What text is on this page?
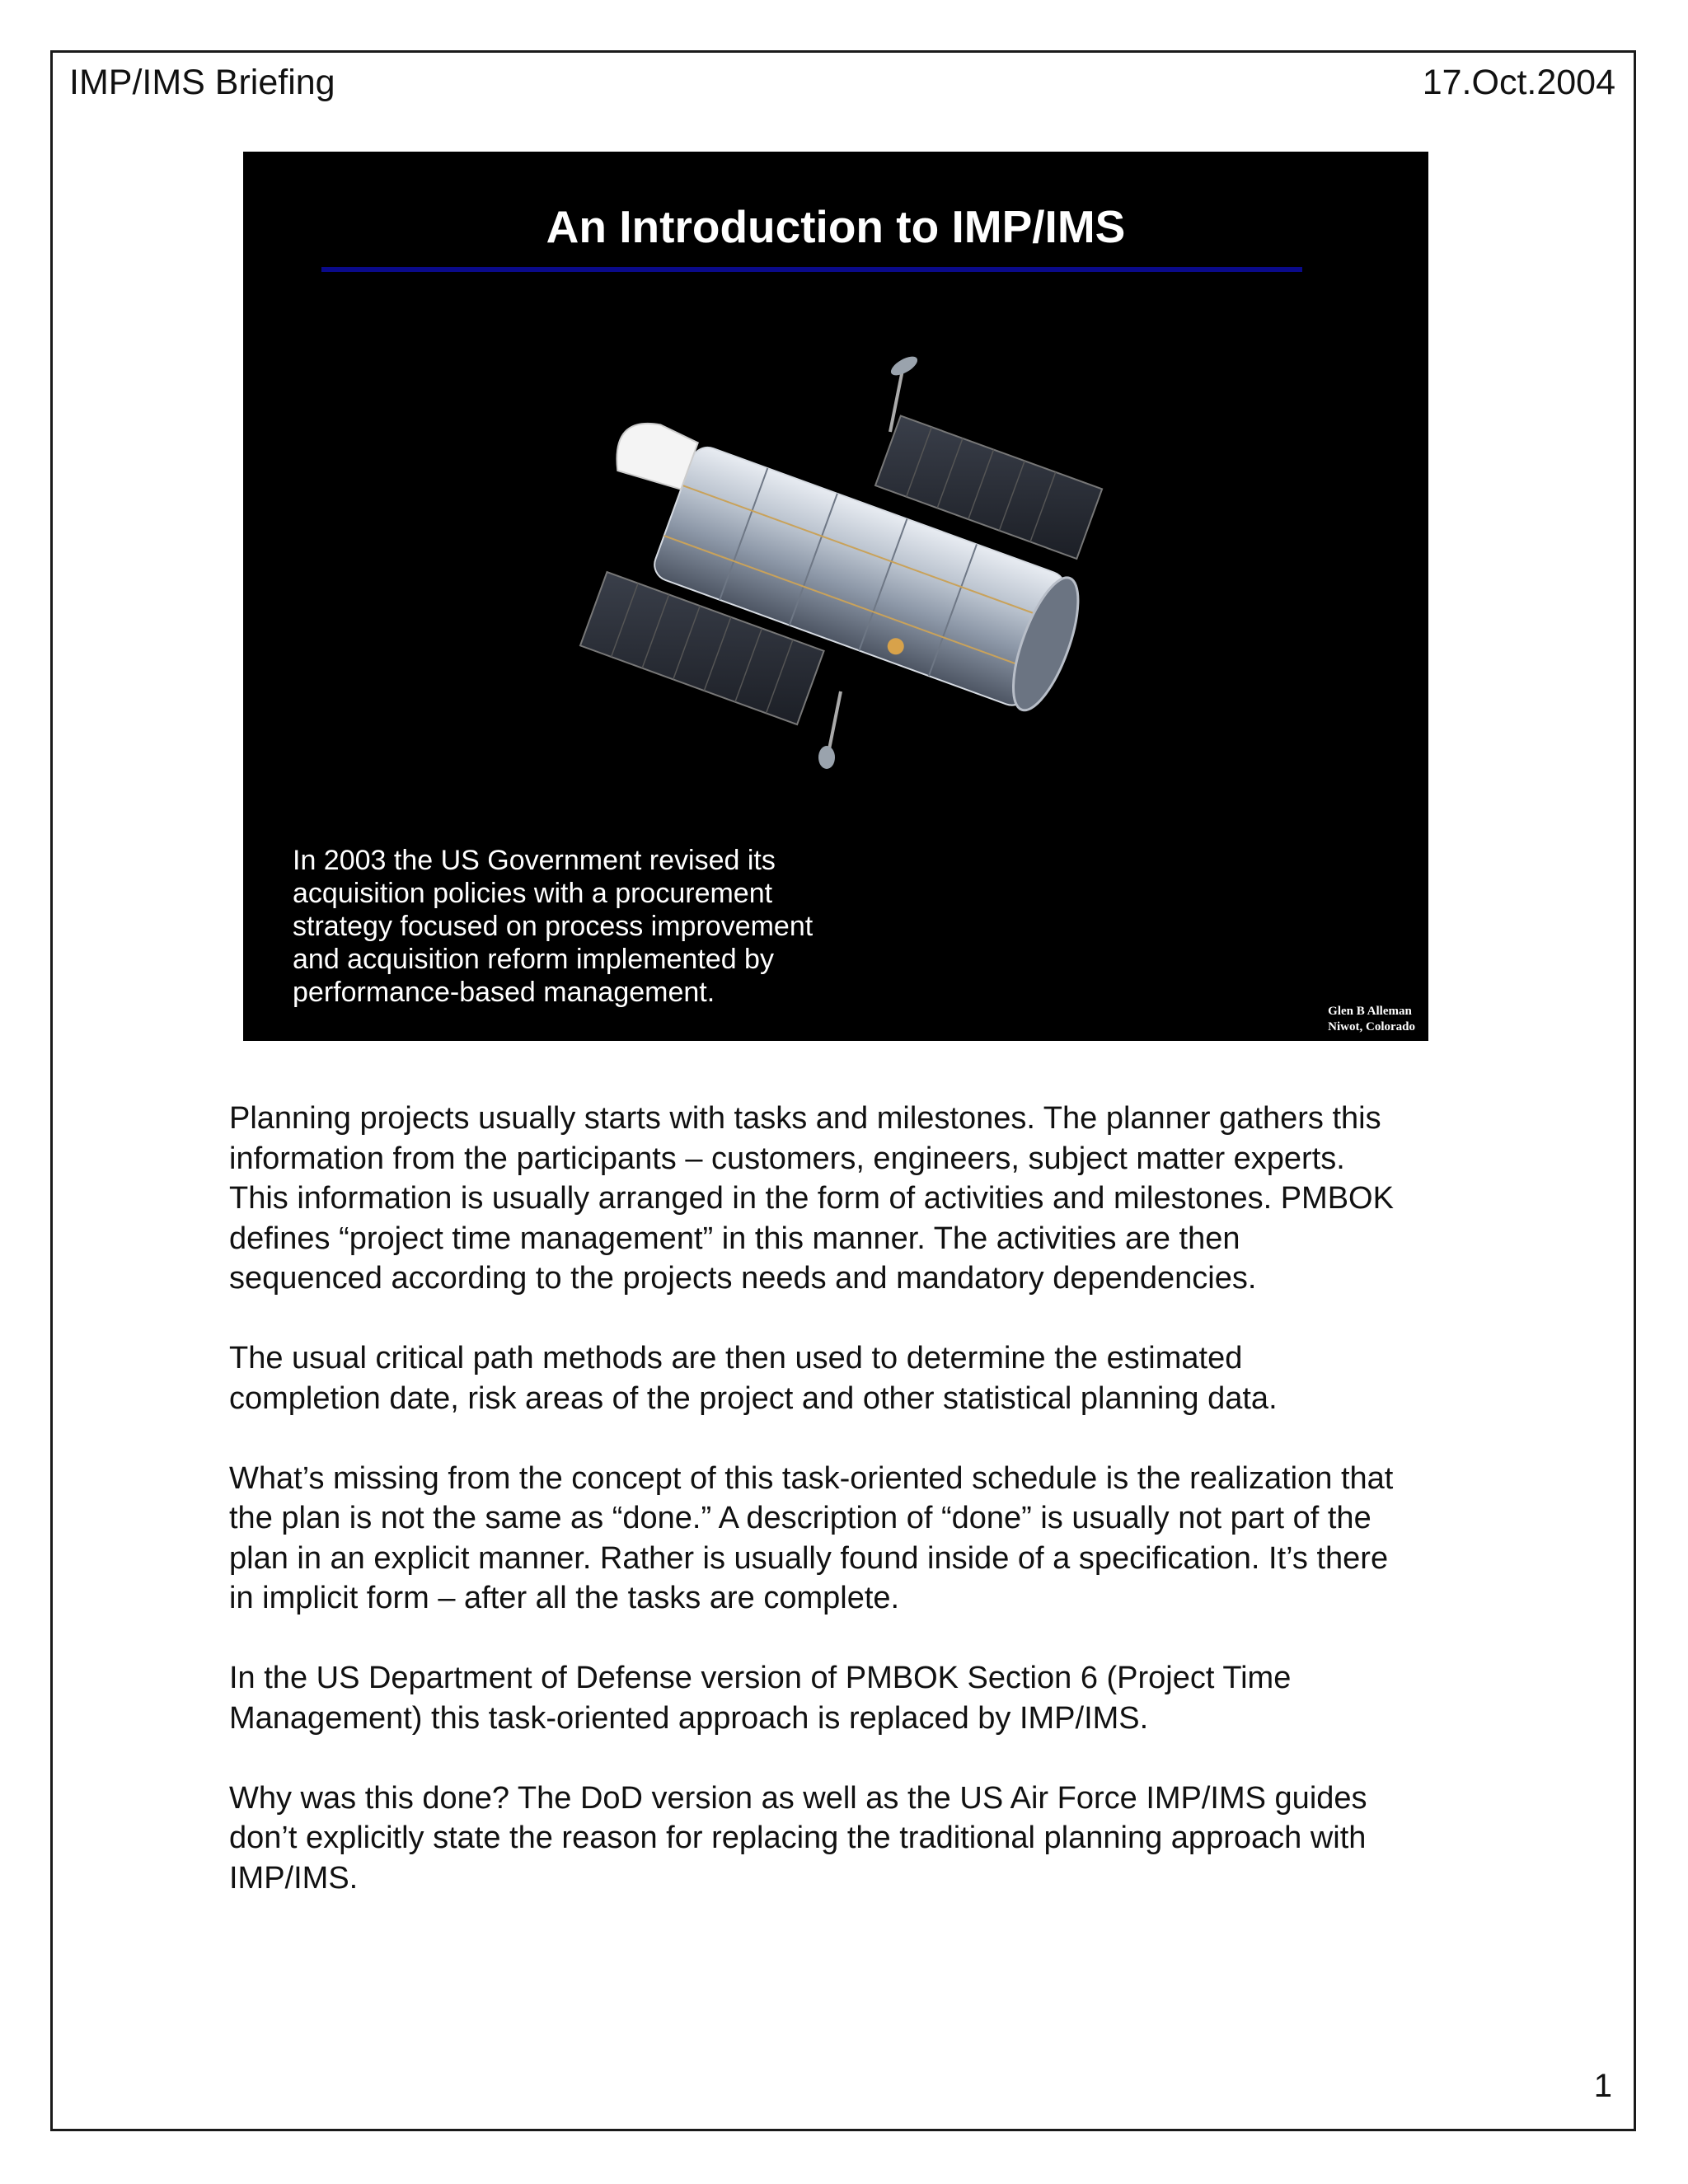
IMP/IMS Briefing	17.Oct.2004
An Introduction to IMP/IMS

In 2003 the US Government revised its
acquisition policies with a procurement
strategy focused on process improvement
and acquisition reform implemented by
performance-based management.

Glen B Alleman
Niwot, Colorado

Planning projects usually starts with tasks and milestones. The planner gathers this
information from the participants – customers, engineers, subject matter experts.
This information is usually arranged in the form of activities and milestones. PMBOK
defines “project time management” in this manner. The activities are then
sequenced according to the projects needs and mandatory dependencies.

The usual critical path methods are then used to determine the estimated
completion date, risk areas of the project and other statistical planning data.

What’s missing from the concept of this task-oriented schedule is the realization that
the plan is not the same as “done.” A description of “done” is usually not part of the
plan in an explicit manner. Rather is usually found inside of a specification. It’s there
in implicit form – after all the tasks are complete.

In the US Department of Defense version of PMBOK Section 6 (Project Time
Management) this task-oriented approach is replaced by IMP/IMS.

Why was this done? The DoD version as well as the US Air Force IMP/IMS guides
don’t explicitly state the reason for replacing the traditional planning approach with
IMP/IMS.

1
